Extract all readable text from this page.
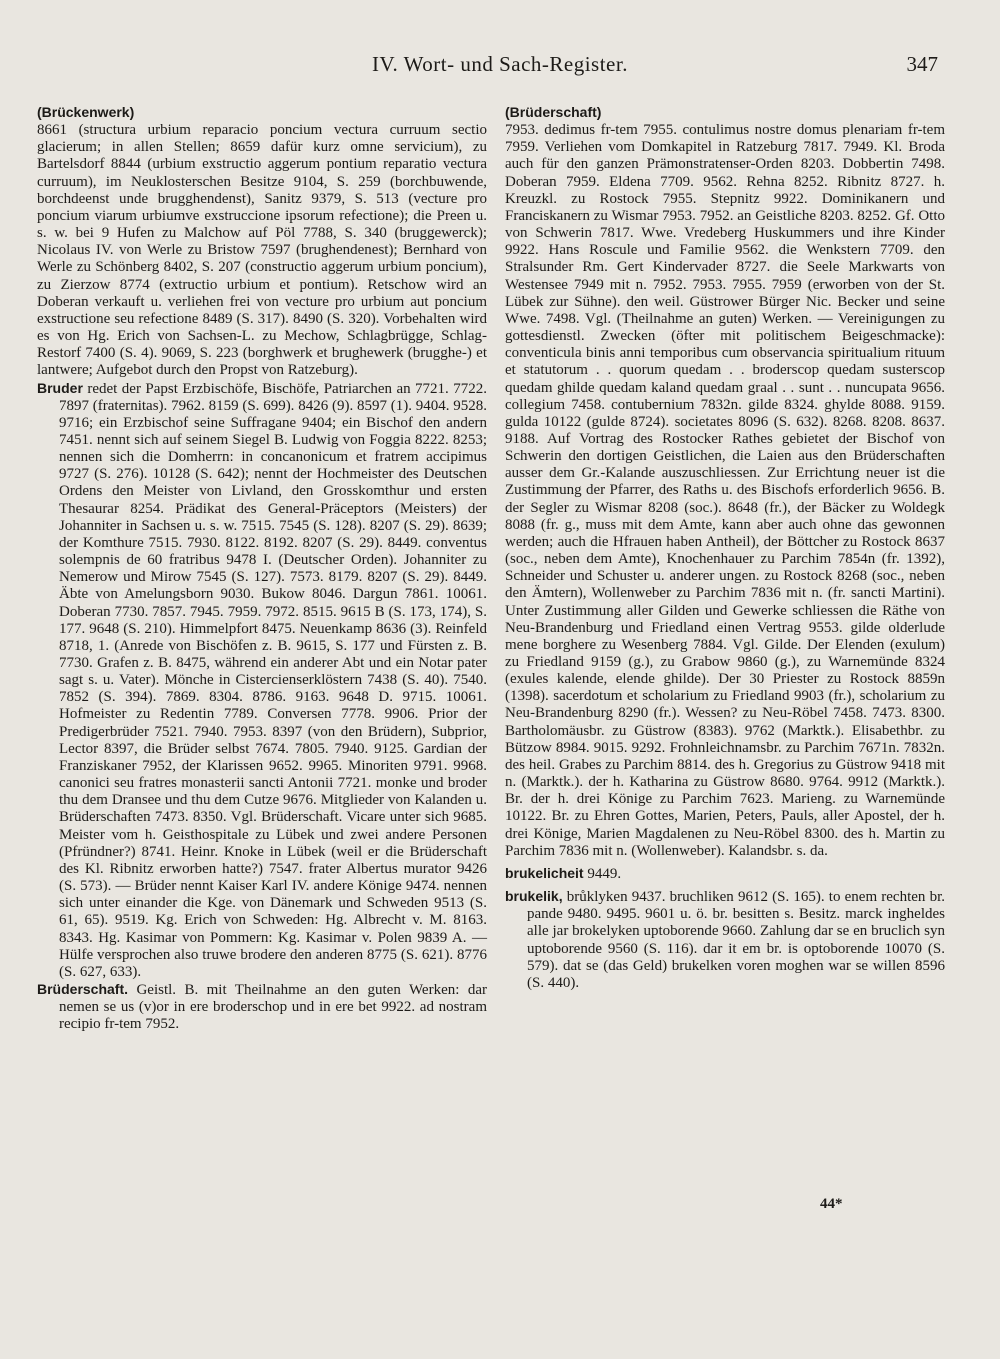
IV. Wort- und Sach-Register.	347

(Brückenwerk)

8661 (structura urbium reparacio poncium vectura curruum sectio glacierum; in allen Stellen; 8659 dafür kurz omne servicium), zu Bartelsdorf 8844 (urbium exstructio aggerum pontium reparatio vectura curruum), im Neuklosterschen Besitze 9104, S. 259 (borchbuwende, borchdeenst unde brugghendenst), Sanitz 9379, S. 513 (vecture pro poncium viarum urbiumve exstruccione ipsorum refectione); die Preen u. s. w. bei 9 Hufen zu Malchow auf Pöl 7788, S. 340 (bruggewerck); Nicolaus IV. von Werle zu Bristow 7597 (brughendenest); Bernhard von Werle zu Schönberg 8402, S. 207 (constructio aggerum urbium poncium), zu Zierzow 8774 (extructio urbium et pontium). Retschow wird an Doberan verkauft u. verliehen frei von vecture pro urbium aut poncium exstructione seu refectione 8489 (S. 317). 8490 (S. 320). Vorbehalten wird es von Hg. Erich von Sachsen-L. zu Mechow, Schlagbrügge, Schlag-Restorf 7400 (S. 4). 9069, S. 223 (borghwerk et brughewerk (brugghe-) et lantwere; Aufgebot durch den Propst von Ratzeburg).

Bruder redet der Papst Erzbischöfe, Bischöfe, Patriarchen an 7721. 7722. 7897 (fraternitas). 7962. 8159 (S. 699). 8426 (9). 8597 (1). 9404. 9528. 9716; ein Erzbischof seine Suffragane 9404; ein Bischof den andern 7451. nennt sich auf seinem Siegel B. Ludwig von Foggia 8222. 8253; nennen sich die Domherrn: in concanonicum et fratrem accipimus 9727 (S. 276). 10128 (S. 642); nennt der Hochmeister des Deutschen Ordens den Meister von Livland, den Grosskomthur und ersten Thesaurar 8254. Prädikat des General-Präceptors (Meisters) der Johanniter in Sachsen u. s. w. 7515. 7545 (S. 128). 8207 (S. 29). 8639; der Komthure 7515. 7930. 8122. 8192. 8207 (S. 29). 8449. conventus solempnis de 60 fratribus 9478 I. (Deutscher Orden). Johanniter zu Nemerow und Mirow 7545 (S. 127). 7573. 8179. 8207 (S. 29). 8449. Äbte von Amelungsborn 9030. Bukow 8046. Dargun 7861. 10061. Doberan 7730. 7857. 7945. 7959. 7972. 8515. 9615 B (S. 173, 174), S. 177. 9648 (S. 210). Himmelpfort 8475. Neuenkamp 8636 (3). Reinfeld 8718, 1. (Anrede von Bischöfen z. B. 9615, S. 177 und Fürsten z. B. 7730. Grafen z. B. 8475, während ein anderer Abt und ein Notar pater sagt s. u. Vater). Mönche in Cistercienserklöstern 7438 (S. 40). 7540. 7852 (S. 394). 7869. 8304. 8786. 9163. 9648 D. 9715. 10061. Hofmeister zu Redentin 7789. Conversen 7778. 9906. Prior der Predigerbrüder 7521. 7940. 7953. 8397 (von den Brüdern), Subprior, Lector 8397, die Brüder selbst 7674. 7805. 7940. 9125. Gardian der Franziskaner 7952, der Klarissen 9652. 9965. Minoriten 9791. 9968. canonici seu fratres monasterii sancti Antonii 7721. monke und broder thu dem Dransee und thu dem Cutze 9676. Mitglieder von Kalanden u. Brüderschaften 7473. 8350. Vgl. Brüderschaft. Vicare unter sich 9685. Meister vom h. Geisthospitale zu Lübek und zwei andere Personen (Pfründner?) 8741. Heinr. Knoke in Lübek (weil er die Brüderschaft des Kl. Ribnitz erworben hatte?) 7547. frater Albertus murator 9426 (S. 573). — Brüder nennt Kaiser Karl IV. andere Könige 9474. nennen sich unter einander die Kge. von Dänemark und Schweden 9513 (S. 61, 65). 9519. Kg. Erich von Schweden: Hg. Albrecht v. M. 8163. 8343. Hg. Kasimar von Pommern: Kg. Kasimar v. Polen 9839 A. — Hülfe versprochen also truwe brodere den anderen 8775 (S. 621). 8776 (S. 627, 633).

Brüderschaft. Geistl. B. mit Theilnahme an den guten Werken: dar nemen se us (v)or in ere broderschop und in ere bet 9922. ad nostram recipio fr-tem 7952.

(Brüderschaft)

7953. dedimus fr-tem 7955. contulimus nostre domus plenariam fr-tem 7959. Verliehen vom Domkapitel in Ratzeburg 7817. 7949. Kl. Broda auch für den ganzen Prämonstratenser-Orden 8203. Dobbertin 7498. Doberan 7959. Eldena 7709. 9562. Rehna 8252. Ribnitz 8727. h. Kreuzkl. zu Rostock 7955. Stepnitz 9922. Dominikanern und Franciskanern zu Wismar 7953. 7952. an Geistliche 8203. 8252. Gf. Otto von Schwerin 7817. Wwe. Vredeberg Huskummers und ihre Kinder 9922. Hans Roscule und Familie 9562. die Wenkstern 7709. den Stralsunder Rm. Gert Kindervader 8727. die Seele Markwarts von Westensee 7949 mit n. 7952. 7953. 7955. 7959 (erworben von der St. Lübek zur Sühne). den weil. Güstrower Bürger Nic. Becker und seine Wwe. 7498. Vgl. (Theilnahme an guten) Werken. — Vereinigungen zu gottesdienstl. Zwecken (öfter mit politischem Beigeschmacke): conventicula binis anni temporibus cum observancia spiritualium rituum et statutorum . . quorum quedam . . broderscop quedam susterscop quedam ghilde quedam kaland quedam graal . . sunt . . nuncupata 9656. collegium 7458. contubernium 7832n. gilde 8324. ghylde 8088. 9159. gulda 10122 (gulde 8724). societates 8096 (S. 632). 8268. 8208. 8637. 9188. Auf Vortrag des Rostocker Rathes gebietet der Bischof von Schwerin den dortigen Geistlichen, die Laien aus den Brüderschaften ausser dem Gr.-Kalande auszuschliessen. Zur Errichtung neuer ist die Zustimmung der Pfarrer, des Raths u. des Bischofs erforderlich 9656. B. der Segler zu Wismar 8208 (soc.). 8648 (fr.), der Bäcker zu Woldegk 8088 (fr. g., muss mit dem Amte, kann aber auch ohne das gewonnen werden; auch die Hfrauen haben Antheil), der Böttcher zu Rostock 8637 (soc., neben dem Amte), Knochenhauer zu Parchim 7854n (fr. 1392), Schneider und Schuster u. anderer ungen. zu Rostock 8268 (soc., neben den Ämtern), Wollenweber zu Parchim 7836 mit n. (fr. sancti Martini). Unter Zustimmung aller Gilden und Gewerke schliessen die Räthe von Neu-Brandenburg und Friedland einen Vertrag 9553. gilde olderlude mene borghere zu Wesenberg 7884. Vgl. Gilde. Der Elenden (exulum) zu Friedland 9159 (g.), zu Grabow 9860 (g.), zu Warnemünde 8324 (exules kalende, elende ghilde). Der 30 Priester zu Rostock 8859n (1398). sacerdotum et scholarium zu Friedland 9903 (fr.), scholarium zu Neu-Brandenburg 8290 (fr.). Wessen? zu Neu-Röbel 7458. 7473. 8300. Bartholomäusbr. zu Güstrow (8383). 9762 (Marktk.). Elisabethbr. zu Bützow 8984. 9015. 9292. Frohnleichnamsbr. zu Parchim 7671n. 7832n. des heil. Grabes zu Parchim 8814. des h. Gregorius zu Güstrow 9418 mit n. (Marktk.). der h. Katharina zu Güstrow 8680. 9764. 9912 (Marktk.). Br. der h. drei Könige zu Parchim 7623. Marieng. zu Warnemünde 10122. Br. zu Ehren Gottes, Marien, Peters, Pauls, aller Apostel, der h. drei Könige, Marien Magdalenen zu Neu-Röbel 8300. des h. Martin zu Parchim 7836 mit n. (Wollenweber). Kalandsbr. s. da.

brukelicheit 9449.

brukelik, brůklyken 9437. bruchliken 9612 (S. 165). to enem rechten br. pande 9480. 9495. 9601 u. ö. br. besitten s. Besitz. marck ingheldes alle jar brokelyken uptoborende 9660. Zahlung dar se en bruclich syn uptoborende 9560 (S. 116). dar it em br. is optoborende 10070 (S. 579). dat se (das Geld) brukelken voren moghen war se willen 8596 (S. 440).

44*
